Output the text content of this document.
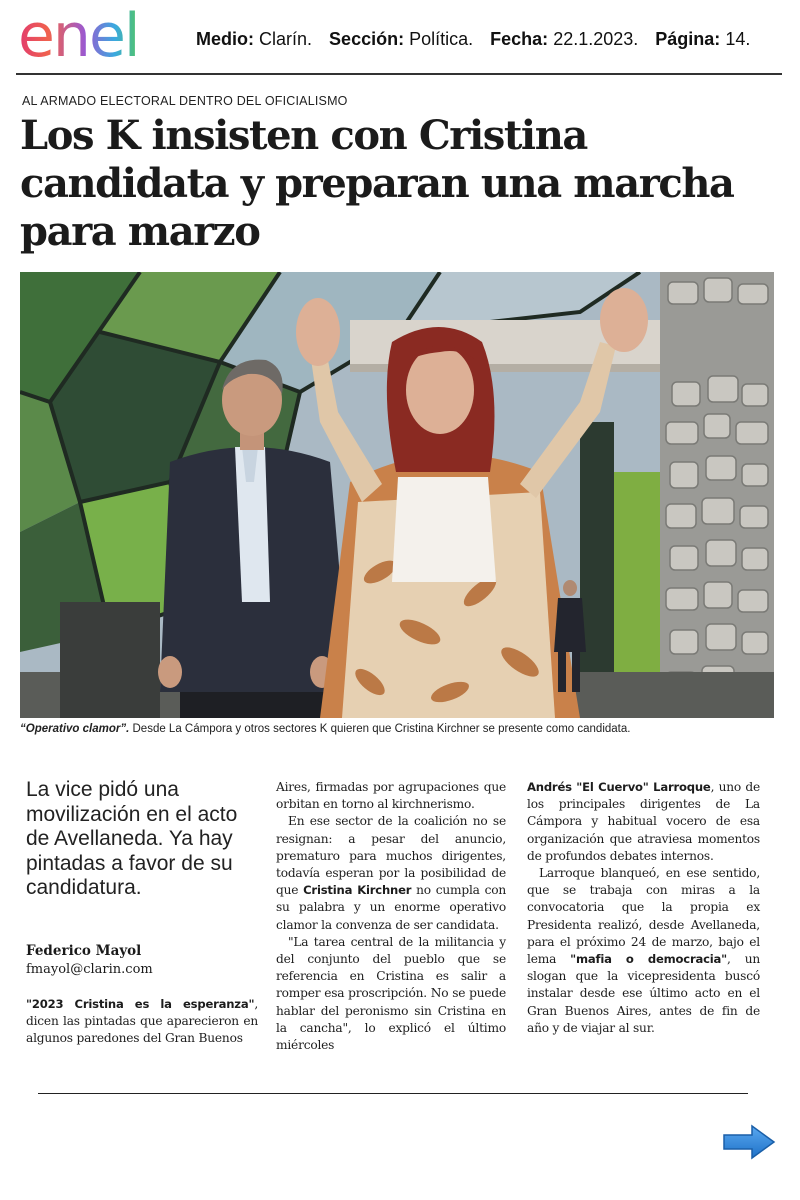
enel	Medio: Clarín. Sección: Política. Fecha: 22.1.2023. Página: 14.
AL ARMADO ELECTORAL DENTRO DEL OFICIALISMO
Los K insisten con Cristina candidata y preparan una marcha para marzo
“Operativo clamor”. Desde La Cámpora y otros sectores K quieren que Cristina Kirchner se presente como candidata.
La vice pidó una movilización en el acto de Avellaneda. Ya hay pintadas a favor de su candidatura.
Federico Mayol
fmayol@clarin.com

"2023 Cristina es la esperanza", dicen las pintadas que aparecieron en algunos paredones del Gran Buenos

Aires, firmadas por agrupaciones que orbitan en torno al kirchnerismo.

En ese sector de la coalición no se resignan: a pesar del anuncio, prematuro para muchos dirigentes, todavía esperan por la posibilidad de que Cristina Kirchner no cumpla con su palabra y un enorme operativo clamor la convenza de ser candidata.

"La tarea central de la militancia y del conjunto del pueblo que se referencia en Cristina es salir a romper esa proscripción. No se puede hablar del peronismo sin Cristina en la cancha", lo explicó el último miércoles

Andrés "El Cuervo" Larroque, uno de los principales dirigentes de La Cámpora y habitual vocero de esa organización que atraviesa momentos de profundos debates internos.

Larroque blanqueó, en ese sentido, que se trabaja con miras a la convocatoria que la propia ex Presidenta realizó, desde Avellaneda, para el próximo 24 de marzo, bajo el lema "mafia o democracia", un slogan que la vicepresidenta buscó instalar desde ese último acto en el Gran Buenos Aires, antes de fin de año y de viajar al sur.
